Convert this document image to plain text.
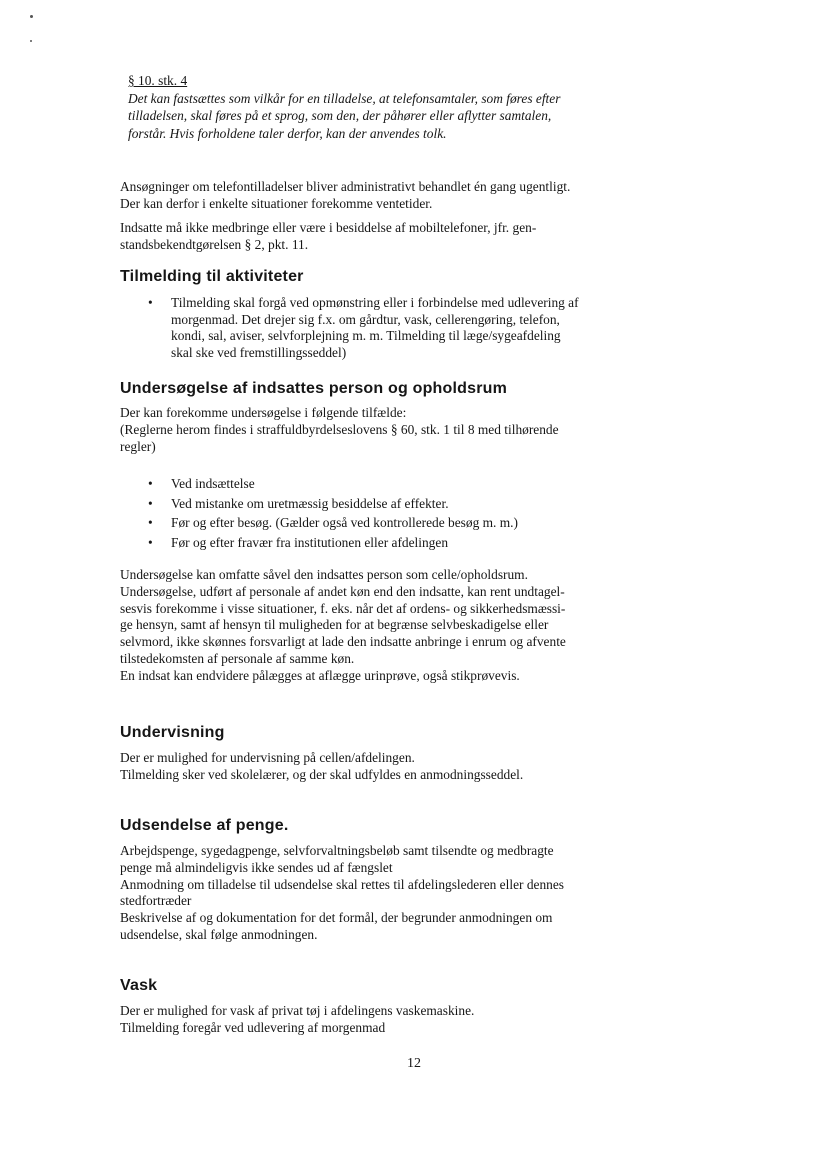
§ 10. stk. 4
Det kan fastsættes som vilkår for en tilladelse, at telefonsamtaler, som føres efter
tilladelsen, skal føres på et sprog, som den, der påhører eller aflytter samtalen,
forstår. Hvis forholdene taler derfor, kan der anvendes tolk.

Ansøgninger om telefontilladelser bliver administrativt behandlet én gang ugentligt.
Der kan derfor i enkelte situationer forekomme ventetider.

Indsatte må ikke medbringe eller være i besiddelse af mobiltelefoner, jfr. gen-
standsbekendtgørelsen § 2, pkt. 11.

Tilmelding til aktiviteter
• Tilmelding skal forgå ved opmønstring eller i forbindelse med udlevering af
morgenmad. Det drejer sig f.x. om gårdtur, vask, cellerengøring, telefon,
kondi, sal, aviser, selvforplejning m. m. Tilmelding til læge/sygeafdeling
skal ske ved fremstillingsseddel)
Undersøgelse af indsattes person og opholdsrum

Der kan forekomme undersøgelse i følgende tilfælde:
(Reglerne herom findes i straffuldbyrdelseslovens § 60, stk. 1 til 8 med tilhørende
regler)

• Ved indsættelse
• Ved mistanke om uretmæssig besiddelse af effekter.
• Før og efter besøg. (Gælder også ved kontrollerede besøg m. m.)
• Før og efter fravær fra institutionen eller afdelingen

Undersøgelse kan omfatte såvel den indsattes person som celle/opholdsrum.
Undersøgelse, udført af personale af andet køn end den indsatte, kan rent undtagel-
sesvis forekomme i visse situationer, f. eks. når det af ordens- og sikkerhedsmæssi-
ge hensyn, samt af hensyn til muligheden for at begrænse selvbeskadigelse eller
selvmord, ikke skønnes forsvarligt at lade den indsatte anbringe i enrum og afvente
tilstedekomsten af personale af samme køn.
En indsat kan endvidere pålægges at aflægge urinprøve, også stikprøvevis.

Undervisning

Der er mulighed for undervisning på cellen/afdelingen.
Tilmelding sker ved skolelærer, og der skal udfyldes en anmodningsseddel.

Udsendelse af penge.

Arbejdspenge, sygedagpenge, selvforvaltningsbeløb samt tilsendte og medbragte
penge må almindeligvis ikke sendes ud af fængslet
Anmodning om tilladelse til udsendelse skal rettes til afdelingslederen eller dennes
stedfortræder
Beskrivelse af og dokumentation for det formål, der begrunder anmodningen om
udsendelse, skal følge anmodningen.

Vask

Der er mulighed for vask af privat tøj i afdelingens vaskemaskine.
Tilmelding foregår ved udlevering af morgenmad

12
